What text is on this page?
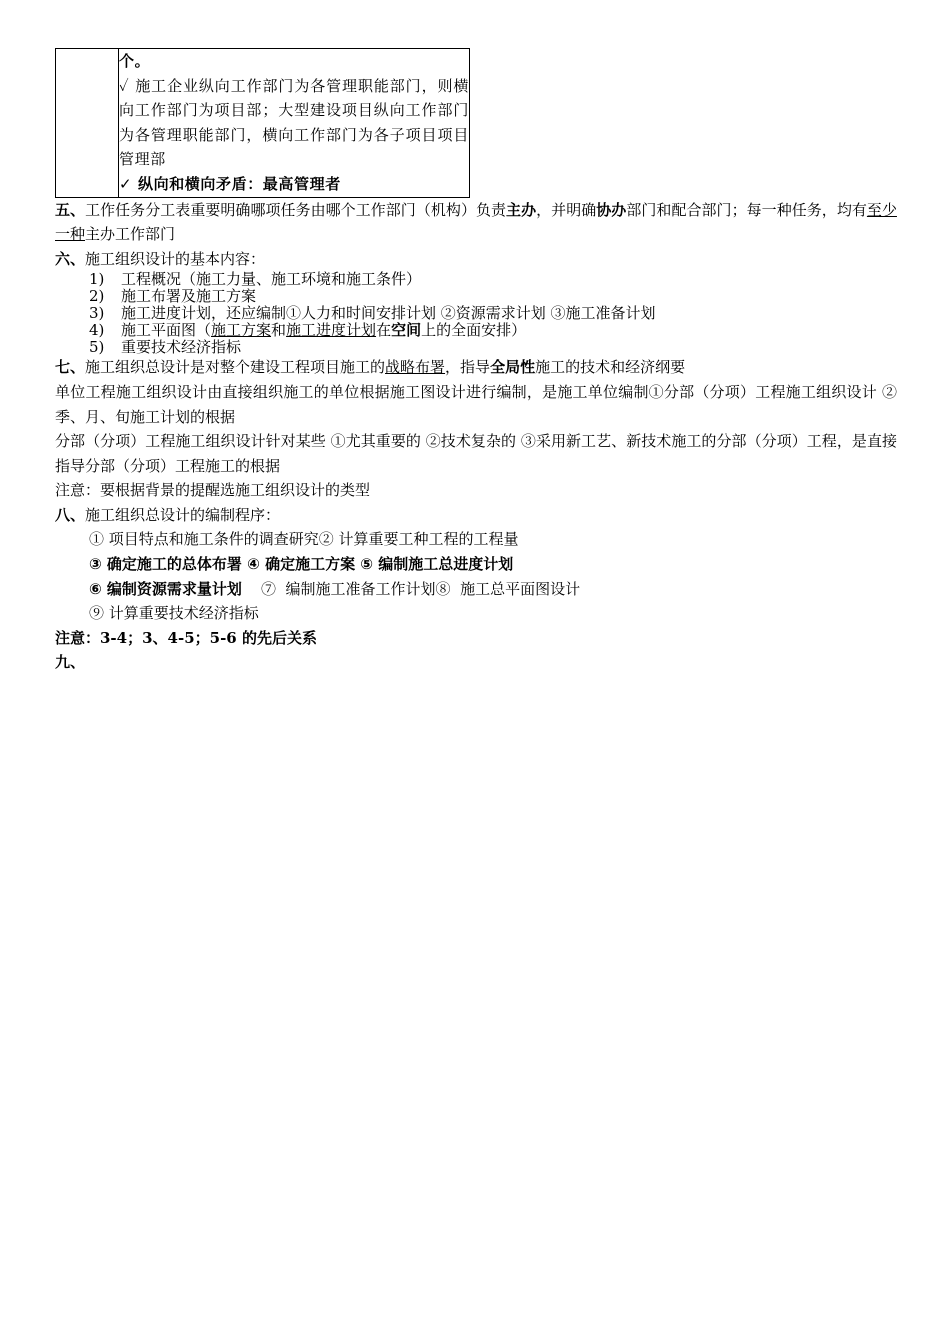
个。
✓ 施工企业纵向工作部门为各管理职能部门，则横向工作部门为项目部；大型建设项目纵向工作部门为各管理职能部门，横向工作部门为各子项目项目管理部
✓ 纵向和横向矛盾：最高管理者

五、工作任务分工表重要明确哪项任务由哪个工作部门（机构）负责主办，并明确协办部门和配合部门；每一种任务，均有至少一种主办工作部门

六、施工组织设计的基本内容：

1) 工程概况（施工力量、施工环境和施工条件）
2) 施工布署及施工方案
3) 施工进度计划，还应编制①人力和时间安排计划 ②资源需求计划 ③施工准备计划
4) 施工平面图（施工方案和施工进度计划在空间上的全面安排）
5) 重要技术经济指标

七、施工组织总设计是对整个建设工程项目施工的战略布署，指导全局性施工的技术和经济纲要

单位工程施工组织设计由直接组织施工的单位根据施工图设计进行编制，是施工单位编制①分部（分项）工程施工组织设计 ②季、月、旬施工计划的根据

分部（分项）工程施工组织设计针对某些 ①尤其重要的 ②技术复杂的 ③采用新工艺、新技术施工的分部（分项）工程，是直接指导分部（分项）工程施工的根据

注意：要根据背景的提醒选施工组织设计的类型

八、施工组织总设计的编制程序：

① 项目特点和施工条件的调查研究② 计算重要工种工程的工程量
③ 确定施工的总体布署 ④ 确定施工方案 ⑤ 编制施工总进度计划
⑥ 编制资源需求量计划    ⑦  编制施工准备工作计划⑧  施工总平面图设计
⑨ 计算重要技术经济指标

注意：3-4；3、4-5；5-6 的先后关系

九、
